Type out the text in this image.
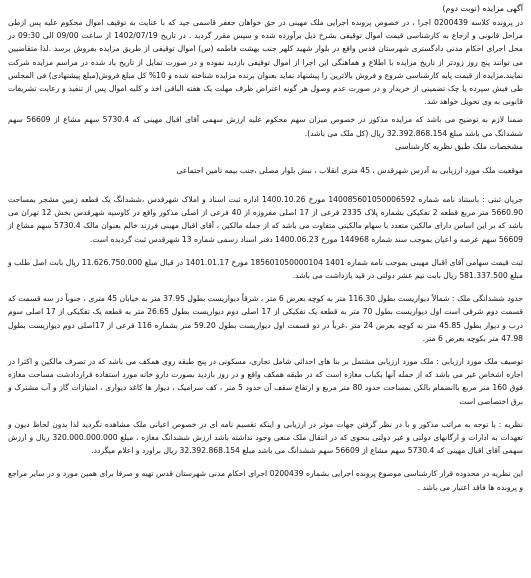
آگهی مزایده (نوبت دوم)
در پرونده کلاسه 0200439 اجرا ، در خصوص پرونده اجرایی ملک مهینی در حق خواهان جعفر قاسمی جید که با عنایت به توقیف اموال محکوم علیه پس ازطی مراحل قانونی و ارجاع به کارشناسی قیمت اموال توقیفی بشرح ذیل برآورده شده و سپس مقرر گردید . در تاریخ 1402/07/19 از ساعت 09/00 الی 09:30 در محل اجرای احکام مدنی دادگستری شهرستان قدس واقع در بلوار شهید کلهر جنب بهشت فاطمه (س) اموال توقیفی از طریق مزایده بفروش برسد .لذا متقاضیین می توانند پنج روز زودتر از تاریخ مزایده با اطلاع و هماهنگی این اجرا از اموال توقیفی بازدید نموده و در صورت تمایل از تاریخ یاد شده در مراسم مزایده شرکت نمایند.مزایده از قیمت پایه کارشناسی شروع و فروش بالاترین را پیشنهاد نماید بعنوان برنده مزایده شناخته شده و 10% کل مبلغ فروش(مبلغ پیشنهادی) فی المجلس طی فیش سپرده یا چک تضمینی از خریدار و در صورت عدم وصول هر گونه اعتراض ظرف مهلت یک هفته الباقی اخذ و کلیه اموال پس از تنفیذ و رعایت تشریفات قانونی به وی تحویل خواهد شد.
ضمنا لازم به توضیح می باشد که مزایده مذکور در خصوص میزان سهم محکوم علیه ارزش سهمی آقای اقبال مهینی که 5730.4 سهم مشاع از 56609 سهم ششدانگ می باشد مبلغ 32.392.868.154 ریال (کل ملک می باشد).
مشخصات ملک طبق نظریه کارشناسی
موقعیت ملک مورد ارزیابی به آدرس شهرقدس ، 45 متری انقلاب ، نبش بلوار مصلی ،جنب بیمه تامین اجتماعی
جریان ثبتی : باستناد نامه شماره 140085601050006592 مورخ 1400.10.26 اداره ثبت اسناد و املاک شهرقدس ،ششدانگ یک قطعه زمین مشجر بمساحت 5660.90 متر مربع قطعه 2 تفکیکی بشماره پلاک 2335 فرعی از 17 اصلی مفروزه از 40 فرعی از اصلی مذکور واقع در کاوسیه شهرقدس بخش 12 تهران می باشد که بر این اساس دارای مالکین متعدد با سهام مالکیتی متفاوت می باشد که از جمله مالکین ، آقای اقبال مهینی فرزند خالم بعنوان مالک 5730.4 سهم مشاع از 56609 سهم عرصه و اعیان بموجب سند شماره 144968 مورخ 1400.06.23 دفتر اسناد رسمی شماره 13 شهرقدس ثبت گردیده است.
ثبت قیمت سهامی آقای اقبال مهینی بموجب نامه شماره 1401 185601050000104 مورخ 1401.01.17 در قبال مبلغ 11.626.750.000 ریال بابت اصل طلب و مبلغ 581.337.500 ریال بابت نیم عشر دولتی در قید بازداشت می باشد.
حدود ششدانگی ملک : شمالاً دیواریست بطول 116.30 متر به کوچه بعرض 6 متر ، شرقاً دیواریست بطول 37.95 متر به خیابان 45 متری ، جنوباً در سه قسمت که قسمت دوم شرقی است اول دیواریست بطول 70 متر به قطعه یک تفکیکی از 17 اصلی دوم دیواریست بطول 26.65 متر به قطعه یک تفکیکی از 17 اصلی سوم درب و دیوار بطول 45.85 متر به کوچه بعرض 24 متر ،غرباً در دو قسمت اول دیواریست بطول 59.20 متر بشماره 116 فرعی از 17اصلی دوم دیواریست بطول 47.98 متر بکوچه بعرض 6 متر.
توصیف ملک مورد ارزیابی : ملک مورد ارزیابی مشتمل بر بنا های احداثی شامل تجاری، مسکونی در پنج طبقه روی همکف می باشد که در تصرف مالکین و اکثرا در اجاره اشخاص غیر می باشد که از جمله آنها بکباب مغازه است که در طبقه همکف واقع و در روز بازدید بصورت دارو خانه مورد استفاده قراردادشت مساحت مغازه فوق 160 متر مربع باانضمام بالکن بمساحت حدود 80 متر مربع و ارتفاع سقف آن حدود 5 متر ، کف سرامیک ، دیوار ها کاغذ دیواری ، امتیازات گاز و آب مشترک و برق اختصاصی است
نظریه : با توجه به مراتب مذکور و با در نظر گرفتن جهات موثر در ارزیابی و اینکه تقسیم نامه ای در خصوص اعیانی ملک مشاهده نگردید لذا بدون لحاظ دیون و تعهدات به ادارات و ارگانهای دولتی و غیر دولتی بنحوی که در انتقال ملک منعی وجود نداشته باشد ارزش ششدانگ مغازه ، مبلغ 320.000.000.000 ریال و ارزش سهمی آقای اقبال مهینی که 5730.4 سهم مشاع از 56609 سهم ششدانگ می باشد مبلغ 32.392.868.154 ریال براورد و اعلام میگردد.
این نظریه در محدوده قرار کارشناسی موضوع پرونده اجرایی بشماره 0200439 اجرای احکام مدنی شهرستان قدس تهیه و صرفا برای همین مورد و در سایر مراجع و پرونده ها فاقد اعتبار می باشد .
